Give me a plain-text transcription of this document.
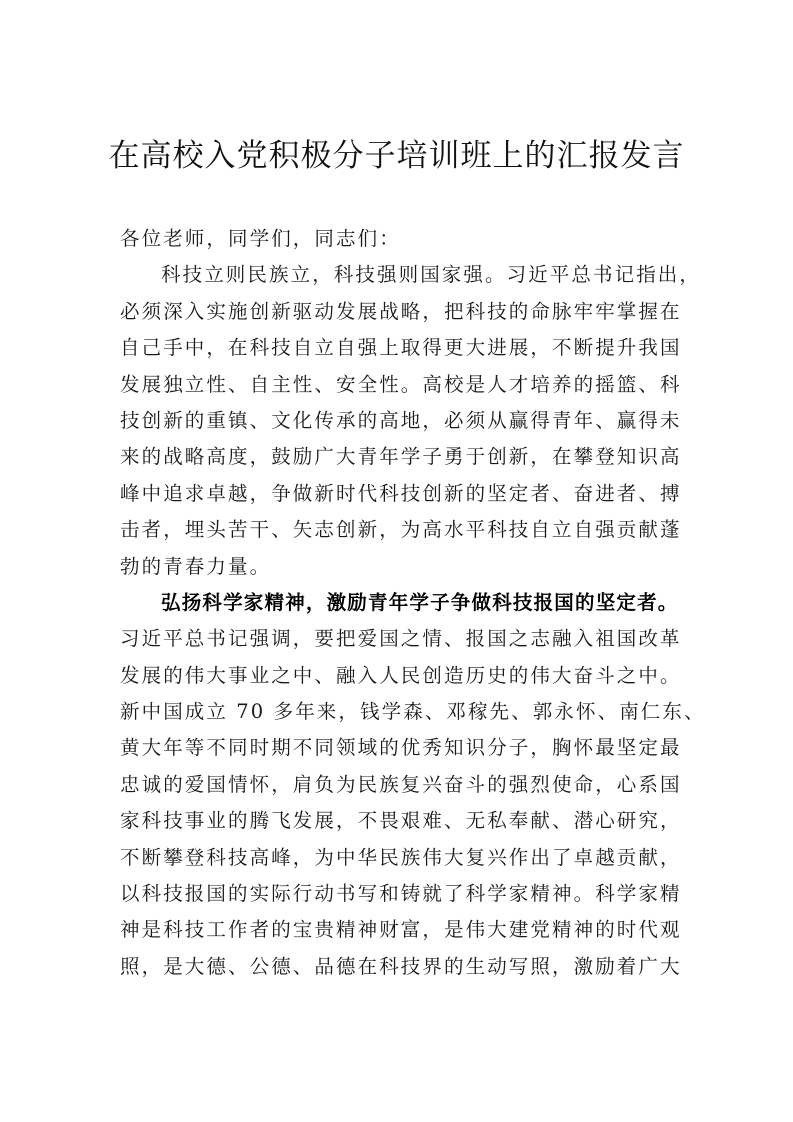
在高校入党积极分子培训班上的汇报发言
各位老师，同学们，同志们：
科技立则民族立，科技强则国家强。习近平总书记指出，
必须深入实施创新驱动发展战略，把科技的命脉牢牢掌握在
自己手中，在科技自立自强上取得更大进展，不断提升我国
发展独立性、自主性、安全性。高校是人才培养的摇篮、科
技创新的重镇、文化传承的高地，必须从赢得青年、赢得未
来的战略高度，鼓励广大青年学子勇于创新，在攀登知识高
峰中追求卓越，争做新时代科技创新的坚定者、奋进者、搏
击者，埋头苦干、矢志创新，为高水平科技自立自强贡献蓬
勃的青春力量。
弘扬科学家精神，激励青年学子争做科技报国的坚定者。
习近平总书记强调，要把爱国之情、报国之志融入祖国改革
发展的伟大事业之中、融入人民创造历史的伟大奋斗之中。
新中国成立 70 多年来，钱学森、邓稼先、郭永怀、南仁东、
黄大年等不同时期不同领域的优秀知识分子，胸怀最坚定最
忠诚的爱国情怀，肩负为民族复兴奋斗的强烈使命，心系国
家科技事业的腾飞发展，不畏艰难、无私奉献、潜心研究，
不断攀登科技高峰，为中华民族伟大复兴作出了卓越贡献，
以科技报国的实际行动书写和铸就了科学家精神。科学家精
神是科技工作者的宝贵精神财富，是伟大建党精神的时代观
照，是大德、公德、品德在科技界的生动写照，激励着广大
